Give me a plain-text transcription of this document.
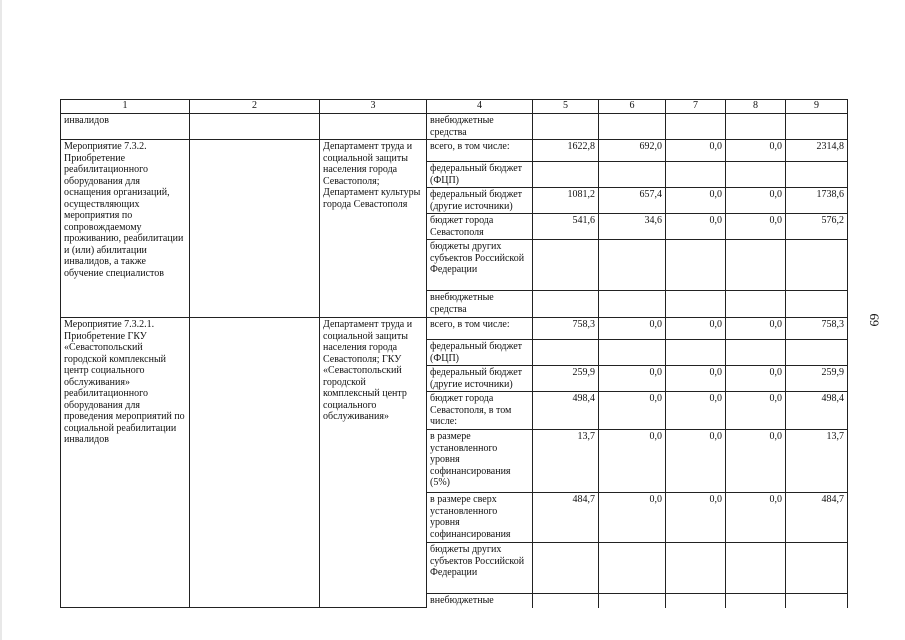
1	2	3	4	5	6	7	8	9
инвалидов			внебюджетные средства					
Мероприятие 7.3.2. Приобретение реабилитационного оборудования для оснащения организаций, осуществляющих мероприятия по сопровождаемому проживанию, реабилитации и (или) абилитации инвалидов, а также обучение специалистов		Департамент труда и социальной защиты населения города Севастополя; Департамент культуры города Севастополя	всего, в том числе:	1622,8	692,0	0,0	0,0	2314,8
			федеральный бюджет (ФЦП)					
			федеральный бюджет (другие источники)	1081,2	657,4	0,0	0,0	1738,6
			бюджет города Севастополя	541,6	34,6	0,0	0,0	576,2
			бюджеты других субъектов Российской Федерации					
			внебюджетные средства					
Мероприятие 7.3.2.1. Приобретение ГКУ «Севастопольский городской комплексный центр социального обслуживания» реабилитационного оборудования для проведения мероприятий по социальной реабилитации инвалидов		Департамент труда и социальной защиты населения города Севастополя; ГКУ «Севастопольский городской комплексный центр социального обслуживания»	всего, в том числе:	758,3	0,0	0,0	0,0	758,3
			федеральный бюджет (ФЦП)					
			федеральный бюджет (другие источники)	259,9	0,0	0,0	0,0	259,9
			бюджет города Севастополя, в том числе:	498,4	0,0	0,0	0,0	498,4
			в размере установленного уровня софинансирования (5%)	13,7	0,0	0,0	0,0	13,7
			в размере сверх установленного уровня софинансирования	484,7	0,0	0,0	0,0	484,7
			бюджеты других субъектов Российской Федерации					
			внебюджетные					
69
